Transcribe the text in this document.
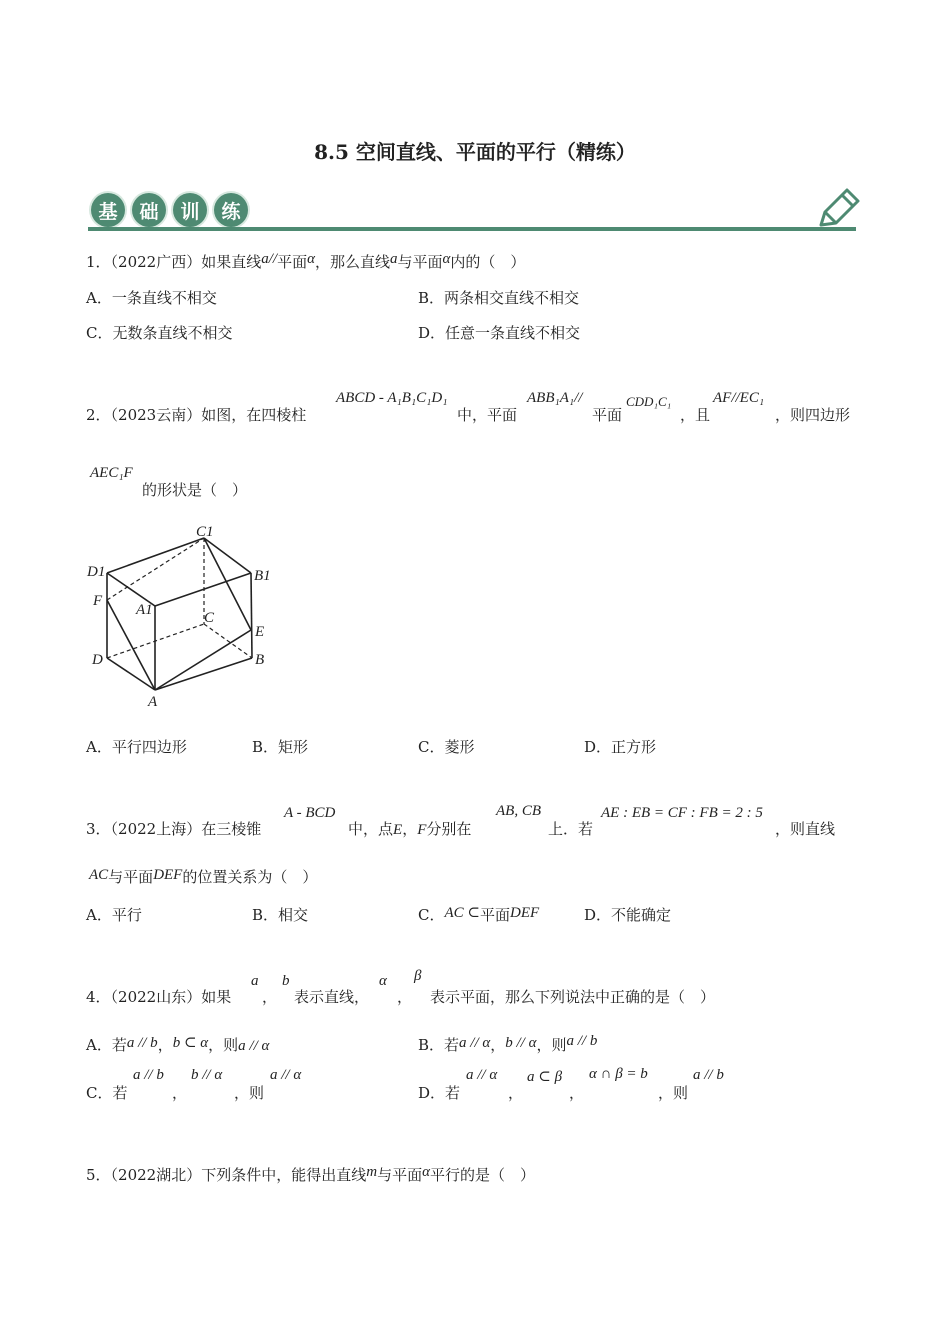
8.5 空间直线、平面的平行（精练）
基	础	训	练
1．（2022广西）如果直线a//平面α，那么直线a与平面α内的（　）
A．一条直线不相交	B．两条相交直线不相交
C．无数条直线不相交	D．任意一条直线不相交
2．（2023云南）如图，在四棱柱
ABCD - A₁B₁C₁D₁
中，平面
ABB₁A₁//
平面
CDD₁C₁
，且
AF//EC₁
，则四边形
AEC₁F
的形状是（　）
C1
D1	B1
F
A1	C
E
D	B
A
A．平行四边形	B．矩形	C．菱形	D．正方形
3．（2022上海）在三棱锥
A - BCD
中，点E，F分别在
AB, CB
上．若
AE : EB = CF : FB = 2 : 5
，则直线
AC与平面DEF的位置关系为（　）
A．平行	B．相交	C．AC ⊂平面DEF	D．不能确定
4．（2022山东）如果
a
，
b
表示直线，
α
，
β
表示平面，那么下列说法中正确的是（　）
A．若a // b，b ⊂ α，则a // α	B．若a // α，b // α，则a // b
C．若
a // b
，
b // α
，则
a // α
D．若
a // α
，
a ⊂ β
，
α ∩ β = b
，则
a // b
5．（2022湖北）下列条件中，能得出直线m与平面α平行的是（　）
